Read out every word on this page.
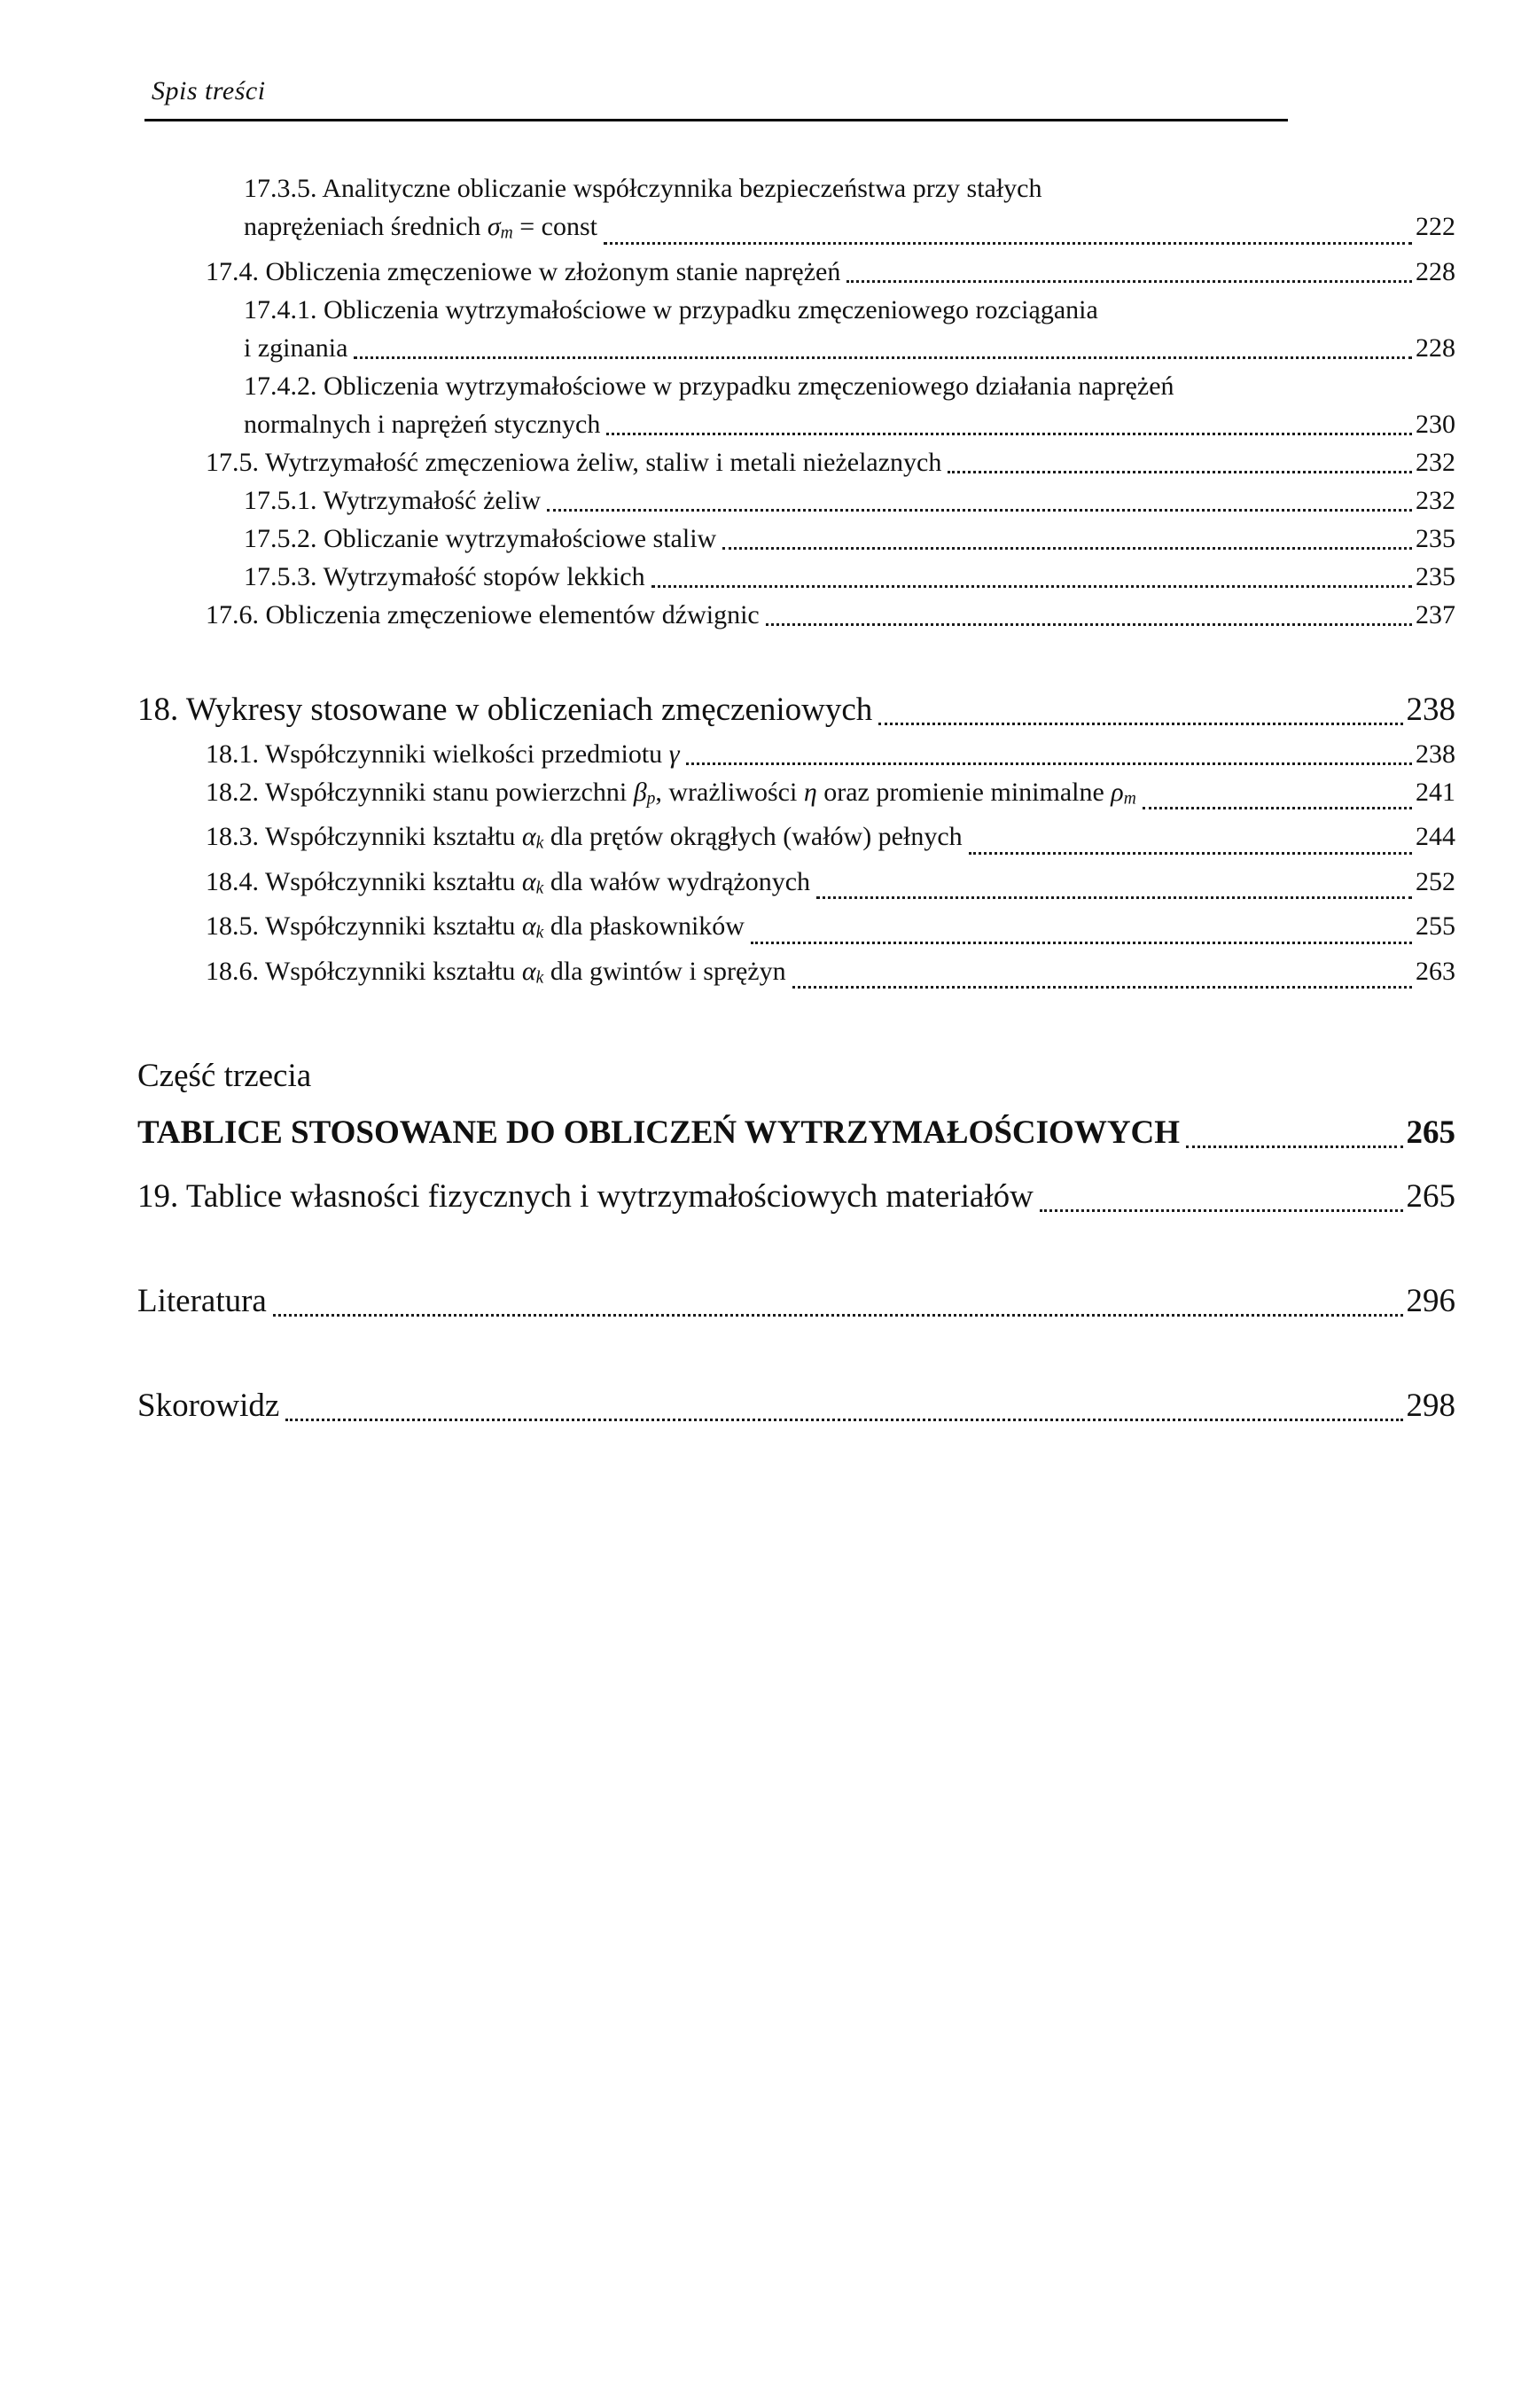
Spis treści
17.3.5. Analityczne obliczanie współczynnika bezpieczeństwa przy stałych
naprężeniach średnich σm = const	222
17.4. Obliczenia zmęczeniowe w złożonym stanie naprężeń	228
17.4.1. Obliczenia wytrzymałościowe w przypadku zmęczeniowego rozciągania
i zginania	228
17.4.2. Obliczenia wytrzymałościowe w przypadku zmęczeniowego działania naprężeń
normalnych i naprężeń stycznych	230
17.5. Wytrzymałość zmęczeniowa żeliw, staliw i metali nieżelaznych	232
17.5.1. Wytrzymałość żeliw	232
17.5.2. Obliczanie wytrzymałościowe staliw	235
17.5.3. Wytrzymałość stopów lekkich	235
17.6. Obliczenia zmęczeniowe elementów dźwignic	237
18. Wykresy stosowane w obliczeniach zmęczeniowych	238
18.1. Współczynniki wielkości przedmiotu γ	238
18.2. Współczynniki stanu powierzchni βp, wrażliwości η oraz promienie minimalne ρm	241
18.3. Współczynniki kształtu αk dla prętów okrągłych (wałów) pełnych	244
18.4. Współczynniki kształtu αk dla wałów wydrążonych	252
18.5. Współczynniki kształtu αk dla płaskowników	255
18.6. Współczynniki kształtu αk dla gwintów i sprężyn	263
Część trzecia
TABLICE STOSOWANE DO OBLICZEŃ WYTRZYMAŁOŚCIOWYCH	265
19. Tablice własności fizycznych i wytrzymałościowych materiałów	265
Literatura	296
Skorowidz	298
